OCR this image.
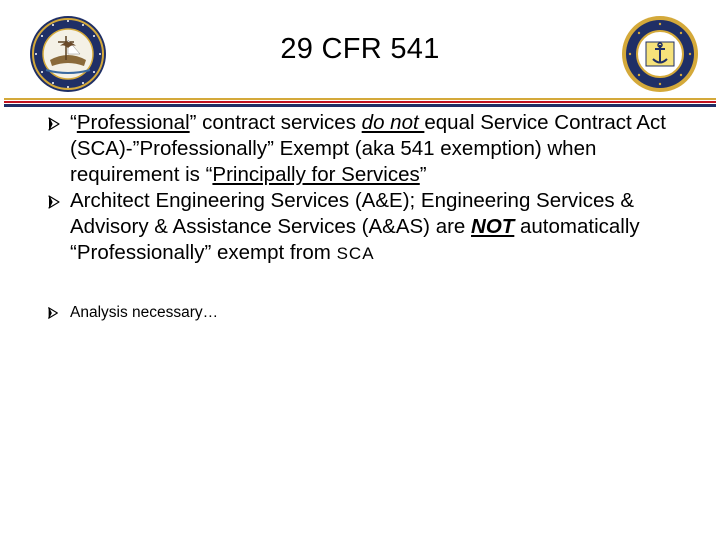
29 CFR 541
“Professional” contract services do not equal Service Contract Act (SCA)-”Professionally” Exempt (aka 541 exemption) when requirement is “Principally for Services”
Architect Engineering Services (A&E); Engineering Services & Advisory & Assistance Services (A&AS) are NOT automatically “Professionally” exempt from SCA
Analysis necessary…
